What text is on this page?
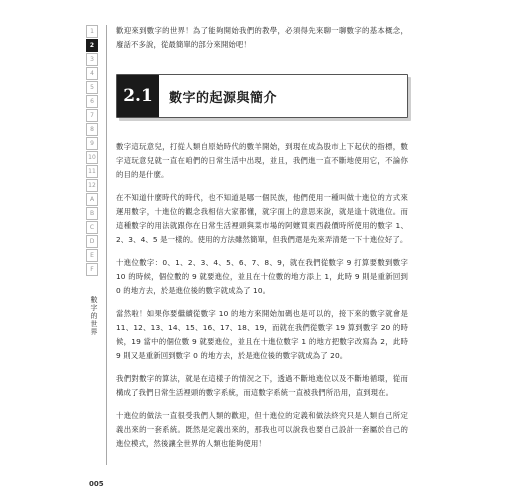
1
2
3
4
5
6
7
8
9
10
11
12
A
B
C
D
E
F
數字的世界

歡迎來到數字的世界！為了能夠開始我們的教學，必須得先來聊一聊數字的基本概念，廢話不多說，從最簡單的部分來開始吧！

2.1	數字的起源與簡介

數字這玩意兒，打從人類自原始時代的數羊開始，到現在成為股市上下起伏的指標，數字這玩意兒就一直在咱們的日常生活中出現，並且，我們進一直不斷地使用它，不論你的目的是什麼。

在不知道什麼時代的時代，也不知道是哪一個民族，他們使用一種叫做十進位的方式來運用數字，十進位的觀念我相信大家都懂，就字面上的意思來說，就是逢十就進位。而這種數字的用法就跟你在日常生活裡頭與菜市場的阿嬤買東西殺價時所使用的數字 1、2、3、4、5 是一樣的。使用的方法雖然簡單，但我們還是先來弄清楚一下十進位好了。

十進位數字：0、1、2、3、4、5、6、7、8、9，就在我們從數字 9 打算要數到數字 10 的時候，個位數的 9 就要進位，並且在十位數的地方添上 1，此時 9 則是重新回到 0 的地方去，於是進位後的數字就成為了 10。

當然啦！如果你要繼續從數字 10 的地方來開始加碼也是可以的，接下來的數字就會是 11、12、13、14、15、16、17、18、19，而就在我們從數字 19 算到數字 20 的時候，19 當中的個位數 9 就要進位，並且在十進位數字 1 的地方把數字改寫為 2，此時 9 則又是重新回到數字 0 的地方去，於是進位後的數字就成為了 20。

我們對數字的算法，就是在這樣子的情況之下，透過不斷地進位以及不斷地循環，從而構成了我們日常生活裡頭的數字系統，而這數字系統一直被我們所沿用，直到現在。

十進位的做法一直很受我們人類的歡迎，但十進位的定義和做法終究只是人類自己所定義出來的一套系統。既然是定義出來的，那我也可以說我也要自己設計一套屬於自己的進位模式，然後讓全世界的人類也能夠使用！

005
